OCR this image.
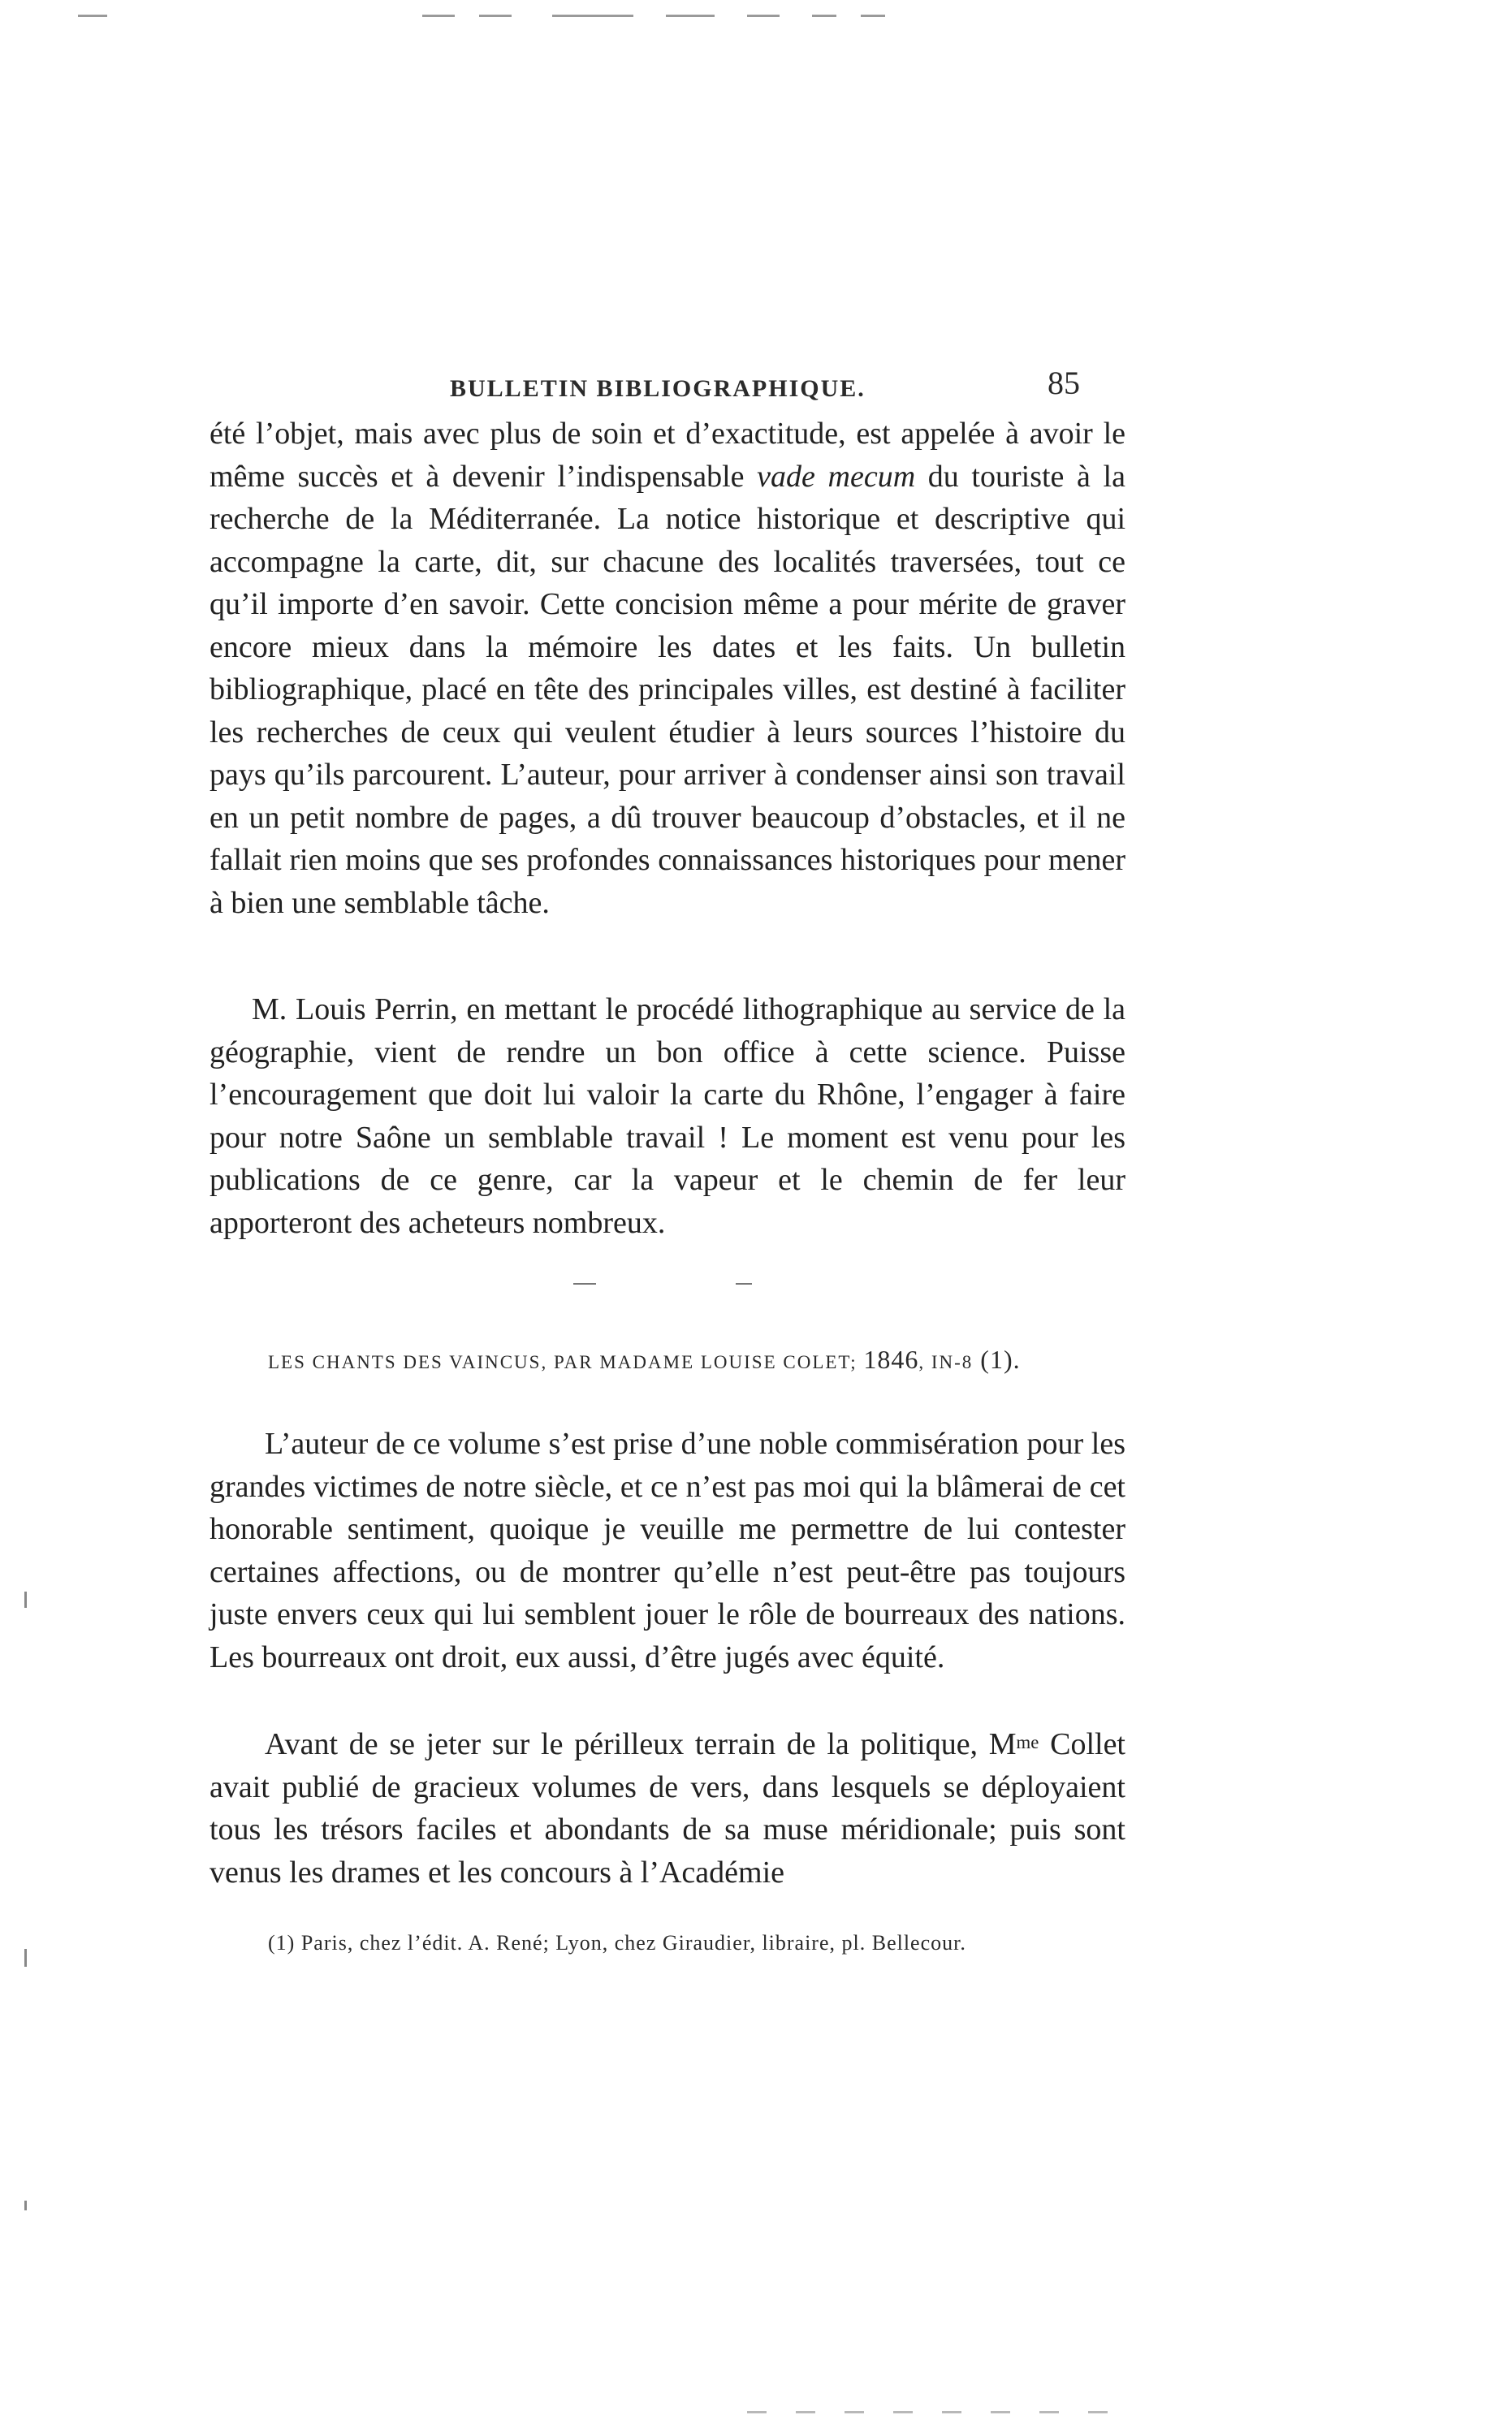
BULLETIN BIBLIOGRAPHIQUE.	85

été l’objet, mais avec plus de soin et d’exactitude, est appelée à avoir le même succès et à devenir l’indispensable vade mecum du touriste à la recherche de la Méditerranée. La notice historique et descriptive qui accompagne la carte, dit, sur chacune des localités traversées, tout ce qu’il importe d’en savoir. Cette concision même a pour mérite de graver encore mieux dans la mémoire les dates et les faits. Un bulletin bibliographique, placé en tête des principales villes, est destiné à faciliter les recherches de ceux qui veulent étudier à leurs sources l’histoire du pays qu’ils parcourent. L’auteur, pour arriver à condenser ainsi son travail en un petit nombre de pages, a dû trouver beaucoup d’obstacles, et il ne fallait rien moins que ses profondes connaissances historiques pour mener à bien une semblable tâche.

M. Louis Perrin, en mettant le procédé lithographique au service de la géographie, vient de rendre un bon office à cette science. Puisse l’encouragement que doit lui valoir la carte du Rhône, l’engager à faire pour notre Saône un semblable travail ! Le moment est venu pour les publications de ce genre, car la vapeur et le chemin de fer leur apporteront des acheteurs nombreux.

LES CHANTS DES VAINCUS, PAR MADAME LOUISE COLET; 1846, IN-8 (1).

L’auteur de ce volume s’est prise d’une noble commisération pour les grandes victimes de notre siècle, et ce n’est pas moi qui la blâmerai de cet honorable sentiment, quoique je veuille me permettre de lui contester certaines affections, ou de montrer qu’elle n’est peut-être pas toujours juste envers ceux qui lui semblent jouer le rôle de bourreaux des nations. Les bourreaux ont droit, eux aussi, d’être jugés avec équité.

Avant de se jeter sur le périlleux terrain de la politique, $M^{me}$ Collet avait publié de gracieux volumes de vers, dans lesquels se déployaient tous les trésors faciles et abondants de sa muse méridionale; puis sont venus les drames et les concours à l’Académie

(1) Paris, chez l’édit. A. René; Lyon, chez Giraudier, libraire, pl. Bellecour.
